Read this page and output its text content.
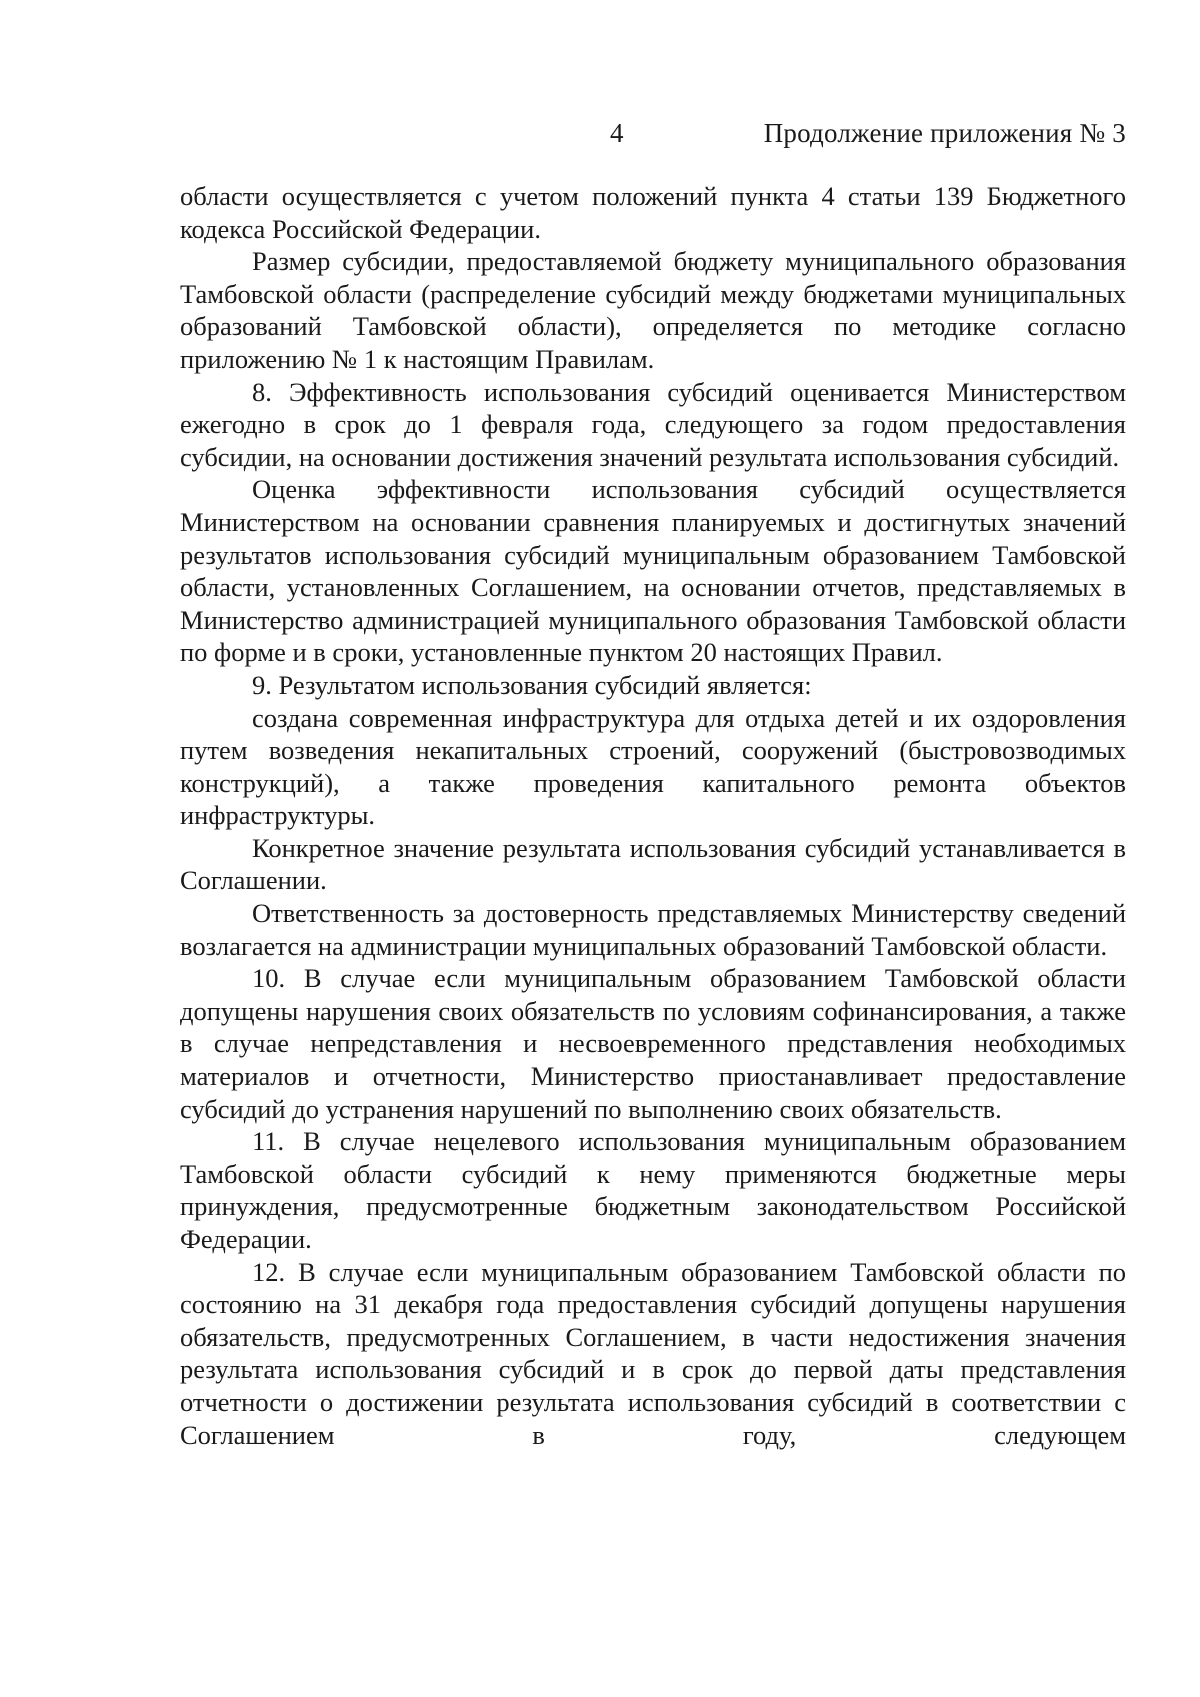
4	Продолжение приложения № 3

области осуществляется с учетом положений пункта 4 статьи 139 Бюджетного кодекса Российской Федерации.

Размер субсидии, предоставляемой бюджету муниципального образования Тамбовской области (распределение субсидий между бюджетами муниципальных образований Тамбовской области), определяется по методике согласно приложению № 1 к настоящим Правилам.

8. Эффективность использования субсидий оценивается Министерством ежегодно в срок до 1 февраля года, следующего за годом предоставления субсидии, на основании достижения значений результата использования субсидий.

Оценка эффективности использования субсидий осуществляется Министерством на основании сравнения планируемых и достигнутых значений результатов использования субсидий муниципальным образованием Тамбовской области, установленных Соглашением, на основании отчетов, представляемых в Министерство администрацией муниципального образования Тамбовской области по форме и в сроки, установленные пунктом 20 настоящих Правил.

9. Результатом использования субсидий является:

создана современная инфраструктура для отдыха детей и их оздоровления путем возведения некапитальных строений, сооружений (быстровозводимых конструкций), а также проведения капитального ремонта объектов инфраструктуры.

Конкретное значение результата использования субсидий устанавливается в Соглашении.

Ответственность за достоверность представляемых Министерству сведений возлагается на администрации муниципальных образований Тамбовской области.

10. В случае если муниципальным образованием Тамбовской области допущены нарушения своих обязательств по условиям софинансирования, а также в случае непредставления и несвоевременного представления необходимых материалов и отчетности, Министерство приостанавливает предоставление субсидий до устранения нарушений по выполнению своих обязательств.

11. В случае нецелевого использования муниципальным образованием Тамбовской области субсидий к нему применяются бюджетные меры принуждения, предусмотренные бюджетным законодательством Российской Федерации.

12. В случае если муниципальным образованием Тамбовской области по состоянию на 31 декабря года предоставления субсидий допущены нарушения обязательств, предусмотренных Соглашением, в части недостижения значения результата использования субсидий и в срок до первой даты представления отчетности о достижении результата использования субсидий в соответствии с Соглашением в году, следующем
